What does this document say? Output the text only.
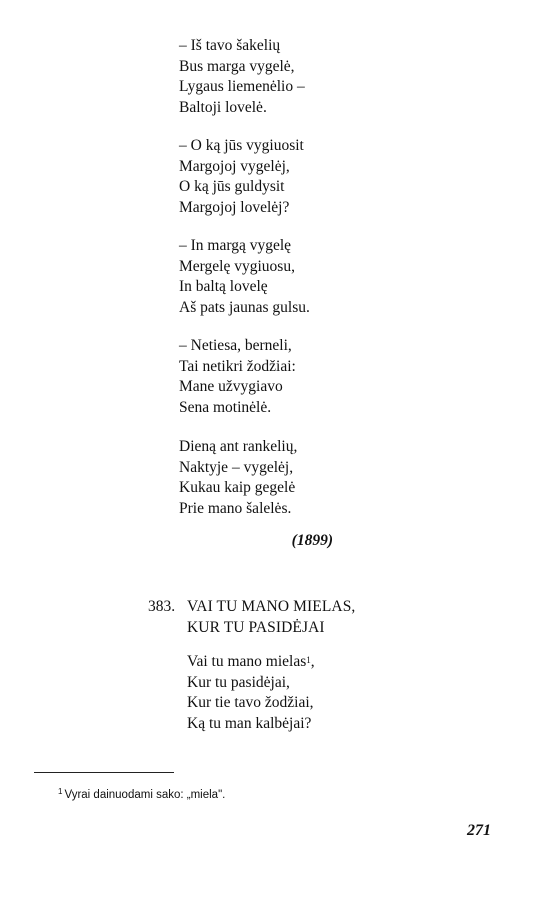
– Iš tavo šakelių
Bus marga vygelė,
Lygaus liemenėlio –
Baltoji lovelė.
– O ką jūs vygiuosit
Margojoj vygelėj,
O ką jūs guldysit
Margojoj lovelėj?
– In margą vygelę
Mergelę vygiuosu,
In baltą lovelę
Aš pats jaunas gulsu.
– Netiesa, berneli,
Tai netikri žodžiai:
Mane užvygiavo
Sena motinėlė.
Dieną ant rankelių,
Naktyje – vygelėj,
Kukau kaip gegelė
Prie mano šalelės.
(1899)
383. VAI TU MANO MIELAS,
KUR TU PASIDĖJAI
Vai tu mano mielas$^1$,
Kur tu pasidėjai,
Kur tie tavo žodžiai,
Ką tu man kalbėjai?
$^1$ Vyrai dainuodami sako: „miela".
271
